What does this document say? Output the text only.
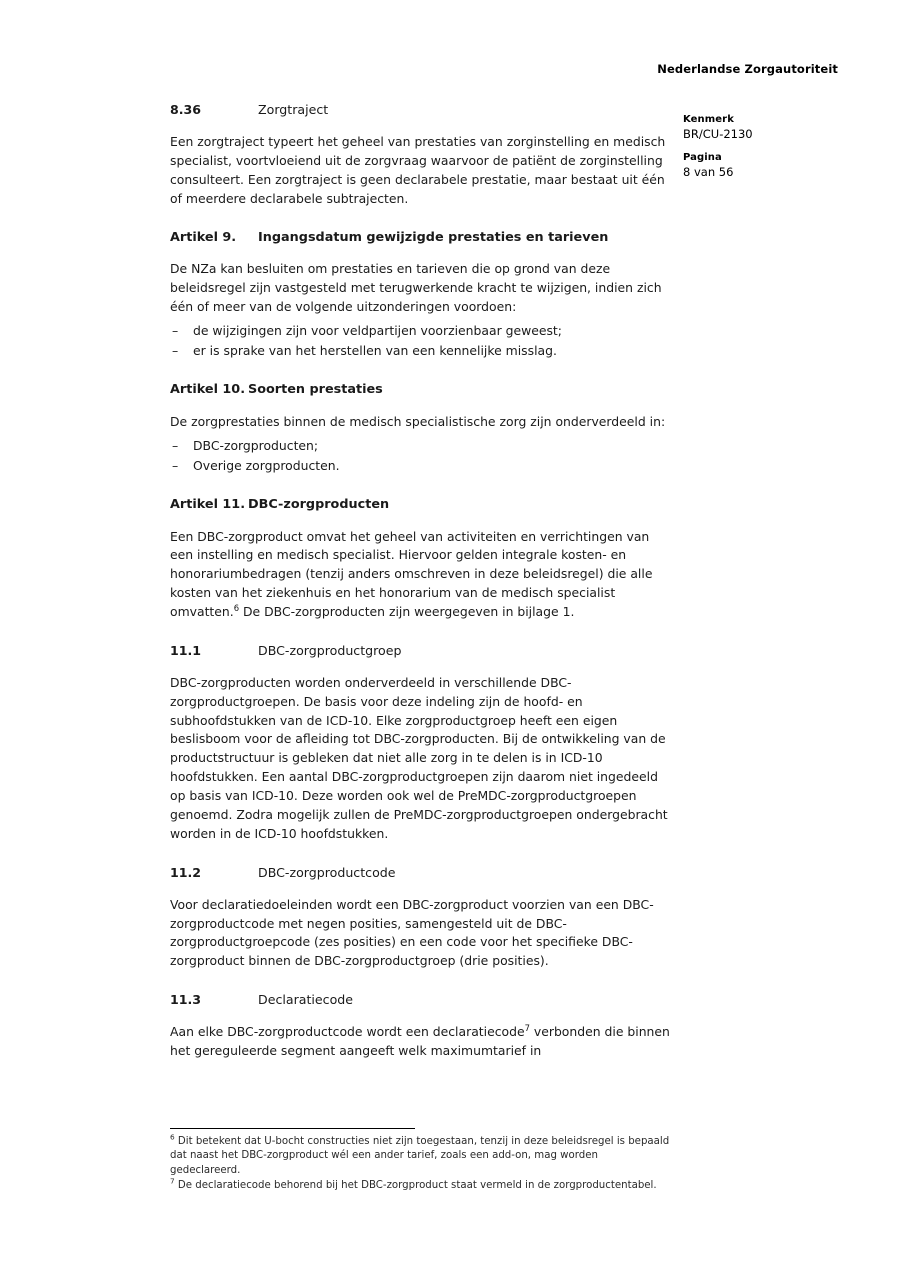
Nederlandse Zorgautoriteit
Kenmerk
BR/CU-2130
Pagina
8 van 56
8.36	Zorgtraject

Een zorgtraject typeert het geheel van prestaties van zorginstelling en medisch specialist, voortvloeiend uit de zorgvraag waarvoor de patiënt de zorginstelling consulteert. Een zorgtraject is geen declarabele prestatie, maar bestaat uit één of meerdere declarabele subtrajecten.

Artikel 9. Ingangsdatum gewijzigde prestaties en tarieven

De NZa kan besluiten om prestaties en tarieven die op grond van deze beleidsregel zijn vastgesteld met terugwerkende kracht te wijzigen, indien zich één of meer van de volgende uitzonderingen voordoen:

– de wijzigingen zijn voor veldpartijen voorzienbaar geweest;
– er is sprake van het herstellen van een kennelijke misslag.
Artikel 10. Soorten prestaties

De zorgprestaties binnen de medisch specialistische zorg zijn onderverdeeld in:

– DBC-zorgproducten;
– Overige zorgproducten.
Artikel 11. DBC-zorgproducten

Een DBC-zorgproduct omvat het geheel van activiteiten en verrichtingen van een instelling en medisch specialist. Hiervoor gelden integrale kosten- en honorariumbedragen (tenzij anders omschreven in deze beleidsregel) die alle kosten van het ziekenhuis en het honorarium van de medisch specialist omvatten.$^6$ De DBC-zorgproducten zijn weergegeven in bijlage 1.

11.1	DBC-zorgproductgroep

DBC-zorgproducten worden onderverdeeld in verschillende DBC-zorgproductgroepen. De basis voor deze indeling zijn de hoofd- en subhoofdstukken van de ICD-10. Elke zorgproductgroep heeft een eigen beslisboom voor de afleiding tot DBC-zorgproducten. Bij de ontwikkeling van de productstructuur is gebleken dat niet alle zorg in te delen is in ICD-10 hoofdstukken. Een aantal DBC-zorgproductgroepen zijn daarom niet ingedeeld op basis van ICD-10. Deze worden ook wel de PreMDC-zorgproductgroepen genoemd. Zodra mogelijk zullen de PreMDC-zorgproductgroepen ondergebracht worden in de ICD-10 hoofdstukken.

11.2	DBC-zorgproductcode

Voor declaratiedoeleinden wordt een DBC-zorgproduct voorzien van een DBC-zorgproductcode met negen posities, samengesteld uit de DBC-zorgproductgroepcode (zes posities) en een code voor het specifieke DBC-zorgproduct binnen de DBC-zorgproductgroep (drie posities).

11.3	Declaratiecode

Aan elke DBC-zorgproductcode wordt een declaratiecode$^7$ verbonden die binnen het gereguleerde segment aangeeft welk maximumtarief in

$^6$ Dit betekent dat U-bocht constructies niet zijn toegestaan, tenzij in deze beleidsregel is bepaald dat naast het DBC-zorgproduct wél een ander tarief, zoals een add-on, mag worden gedeclareerd.

$^7$ De declaratiecode behorend bij het DBC-zorgproduct staat vermeld in de zorgproductentabel.
